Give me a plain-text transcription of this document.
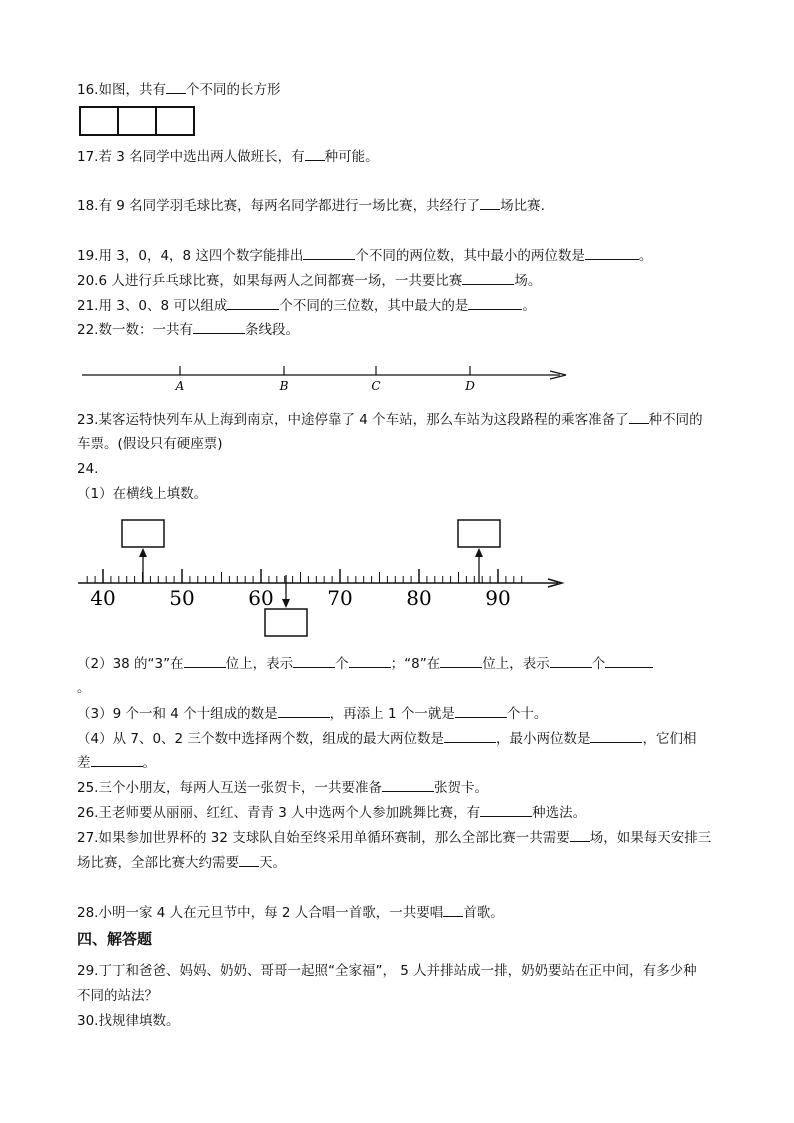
16.如图，共有 个不同的长方形
17.若 3 名同学中选出两人做班长，有 种可能。
18.有 9 名同学羽毛球比赛，每两名同学都进行一场比赛，共经行了 场比赛.
19.用 3，0，4，8 这四个数字能排出	个不同的两位数，其中最小的两位数是	。
20.6 人进行乒乓球比赛，如果每两人之间都赛一场，一共要比赛	场。
21.用 3、0、8 可以组成	个不同的三位数，其中最大的是	。
22.数一数：一共有	条线段。
A	B	C	D
23.某客运特快列车从上海到南京，中途停靠了 4 个车站，那么车站为这段路程的乘客准备了 种不同的
车票。(假设只有硬座票)
24.
（1）在横线上填数。
40	50	60	70	80	90
（2）38 的“3”在	位上，表示	个	；“8”在	位上，表示	个
。
（3）9 个一和 4 个十组成的数是	，再添上 1 个一就是	个十。
（4）从 7、0、2 三个数中选择两个数，组成的最大两位数是	，最小两位数是	，它们相
差	。
25.三个小朋友，每两人互送一张贺卡，一共要准备	张贺卡。
26.王老师要从丽丽、红红、青青 3 人中选两个人参加跳舞比赛，有	种选法。
27.如果参加世界杯的 32 支球队自始至终采用单循环赛制，那么全部比赛一共需要 场，如果每天安排三
场比赛，全部比赛大约需要 天。
28.小明一家 4 人在元旦节中，每 2 人合唱一首歌，一共要唱 首歌。
四、解答题
29.丁丁和爸爸、妈妈、奶奶、哥哥一起照“全家福”， 5 人并排站成一排，奶奶要站在正中间，有多少种
不同的站法？
30.找规律填数。
